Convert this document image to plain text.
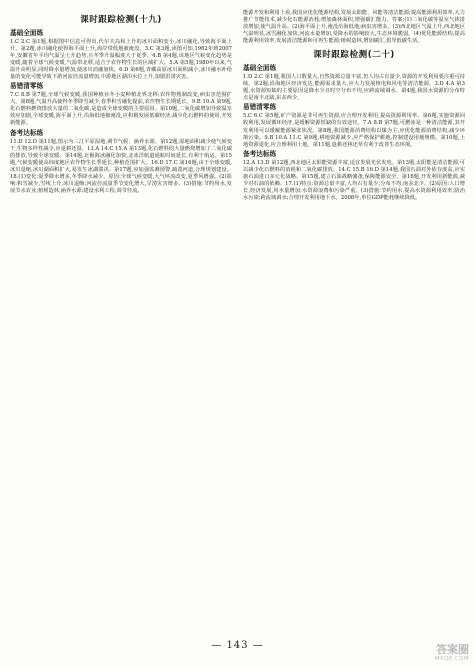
课时跟踪检测(十九)
基础全面练

1.C 2.C 第1题,根据图中信息可得出,代尔夫岛和上升的冰川面积变小,冰川融化,导致海平面上升。第2题,冰川融化使得海平面上升,海岸带低地被淹没。3.C 第3题,读图可知,1962年到2007年,安徽省年平均气温呈上升趋势,且冬季升温幅度大于夏季。4.B 第4题,该地区气候变化趋势是变暖,随着全球气候变暖,气温带北移,适合于农作物生长的区域扩大。5.A 第5题,1980年以来,气温升高明显,同时降水量增加,使冰川消融加快。6.D 第6题,青藏高原冰川面积减小,冰川融水补给量的变化可能导致下游河流径流量增加,中游地区湖泊水位上升,加剧洪涝灾害。

易错清零练

7.C 8.B 第7题,全球气候变暖,我国种植业冬小麦种植北界北移;农作物熟制改变,病虫害范围扩大。第8题,气温升高使得冬季降雪减少,春季积雪融化提前,农作物生长期延长。9.B 10.A 第9题,化石燃料燃烧排放大量的二氧化碳,是造成全球变暖的主要原因。第10题,二氧化碳增加导致温室效应加剧,全球变暖,海平面上升,沿海低地被淹没,应积极发展低碳经济,减少化石燃料的使用,开发新能源。

备考达标练

11.D 12.D 第11题,图示为三江平原湿地,调节气候、涵养水源。第12题,湿地面积减少使气候变干,生物多样性减少,应退耕还湿。13.A 14.C 15.A 第13题,化石燃料的大量燃烧增加了二氧化碳的排放,导致全球变暖。第14题,北极海冰融化加快,北冰洋航道通航时间延长,有利于航运。第15题,气候变暖使高纬度地区农作物生长季延长,种植范围扩大。16.D 17.C 第16题,由于全球变暖,冰川退缩,冰川湖面积扩大,易发生冰湖溃决。第17题,应加强监测预警,疏浚河道,合理规划建设。18.(1)变化:夏季降水增多,冬季降水减少。原因:全球气候变暖,大气环流改变,夏季风增强。(2)影响:积雪减少,雪线上升,冰川退缩;河流径流量季节变化增大,旱涝灾害增多。(3)措施:节约用水,发展节水农业;植树造林,涵养水源;建设水利工程,调节径流。

能源开发和利用上看,我国应优化能源结构,发展太阳能、风能等清洁能源;提高能源利用效率,大力推广节能技术,减少化石能源消耗;增加森林面积,增强碳汇能力。答案:(1)二氧化碳等温室气体排放增加,使气温升高。(2)海平面上升,淹没沿海低地;病虫害增多。(3)西北地区气温上升,西北地区气温明显,冰雪融化加快,河流水量增加,受降水的影响较大,生态环境脆弱。(4)优化能源结构,提高能源利用效率,发展清洁能源和可再生能源;植树造林,增加碳汇,倡导低碳生活。

课时跟踪检测(二十)
基础全面练

1.D 2.C 第1题,我国人口数量大,自然资源总量丰富,但人均占有量少,资源的开发利用要注重可持续。第2题,沿海地区经济发达,能源需求量大,应大力发展核电和风电等清洁能源。3.D 4.A 第3题,水资源短缺的主要原因是降水少且时空分布不均,应跨流域调水。第4题,我国水资源的分布特点是南丰北缺,东多西少。

易错清零练

5.C 6.C 第5题,矿产资源是非可再生资源,应合理开发利用,提高资源利用率。第6题,实施资源回收利用,发展循环经济,是缓解资源短缺的有效途径。7.A 8.B 第7题,可燃冰是一种清洁能源,其开发利用可以缓解能源紧张状况。第8题,我国能源消费结构以煤为主,应优化能源消费结构,减少环境污染。9.B 10.A 11.C 第9题,耕地资源减少,应严格保护耕地,控制建设用地规模。第10题,土地资源退化,应合理利用土地。第11题,退耕还林还草有利于改善生态环境。

备考达标练

12.A 13.D 第12题,西北地区太阳能资源丰富,适宜发展光伏发电。第13题,太阳能是清洁能源,可以减少化石燃料的消耗和二氧化碳排放。14.C 15.B 16.D 第14题,我国石油对外依存度高,应实施石油进口多元化战略。第15题,建立石油战略储备,保障能源安全。第16题,开发利用新能源,减少对石油的依赖。17.(1)特点:资源总量丰富,人均占有量少;分布不均,南多北少。(2)原因:人口增长,经济发展,用水量增加;水资源浪费和污染严重。(3)措施:节约用水,提高水资源利用效率;防治水污染;跨流域调水;合理开发利用地下水。2008年,单位GDP能耗继续降低。

— 143 —	答案圈
MXQE.COM
